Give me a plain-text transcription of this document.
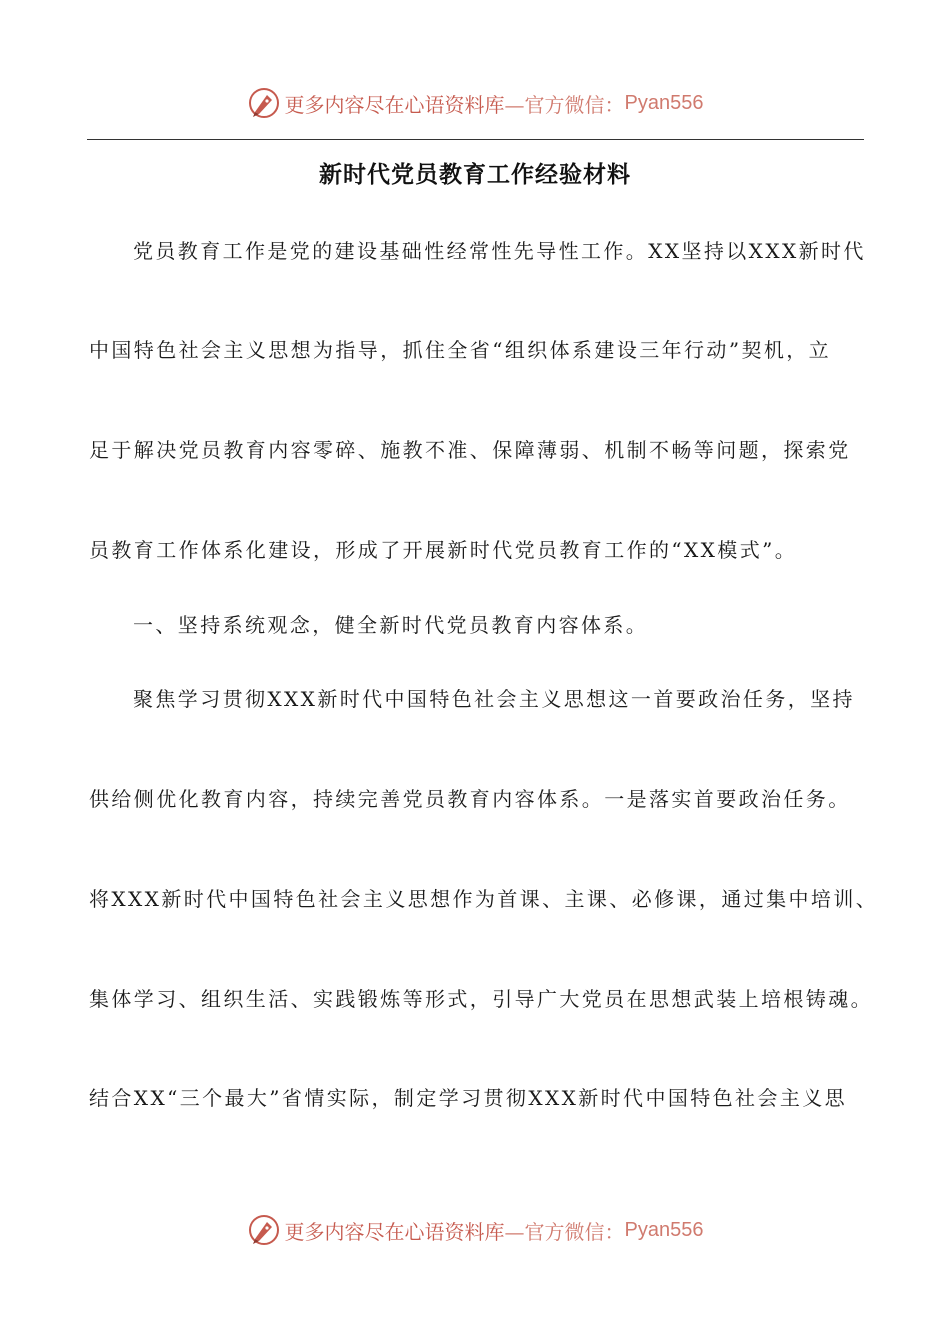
更多内容尽在心语资料库—官方微信： Pyan556
新时代党员教育工作经验材料
党员教育工作是党的建设基础性经常性先导性工作。XX坚持以XXX新时代
中国特色社会主义思想为指导，抓住全省“组织体系建设三年行动”契机，立
足于解决党员教育内容零碎、施教不准、保障薄弱、机制不畅等问题，探索党
员教育工作体系化建设，形成了开展新时代党员教育工作的“XX模式”。
一、坚持系统观念，健全新时代党员教育内容体系。
聚焦学习贯彻XXX新时代中国特色社会主义思想这一首要政治任务，坚持
供给侧优化教育内容，持续完善党员教育内容体系。一是落实首要政治任务。
将XXX新时代中国特色社会主义思想作为首课、主课、必修课，通过集中培训、
集体学习、组织生活、实践锻炼等形式，引导广大党员在思想武装上培根铸魂。
结合XX“三个最大”省情实际，制定学习贯彻XXX新时代中国特色社会主义思
更多内容尽在心语资料库—官方微信： Pyan556
